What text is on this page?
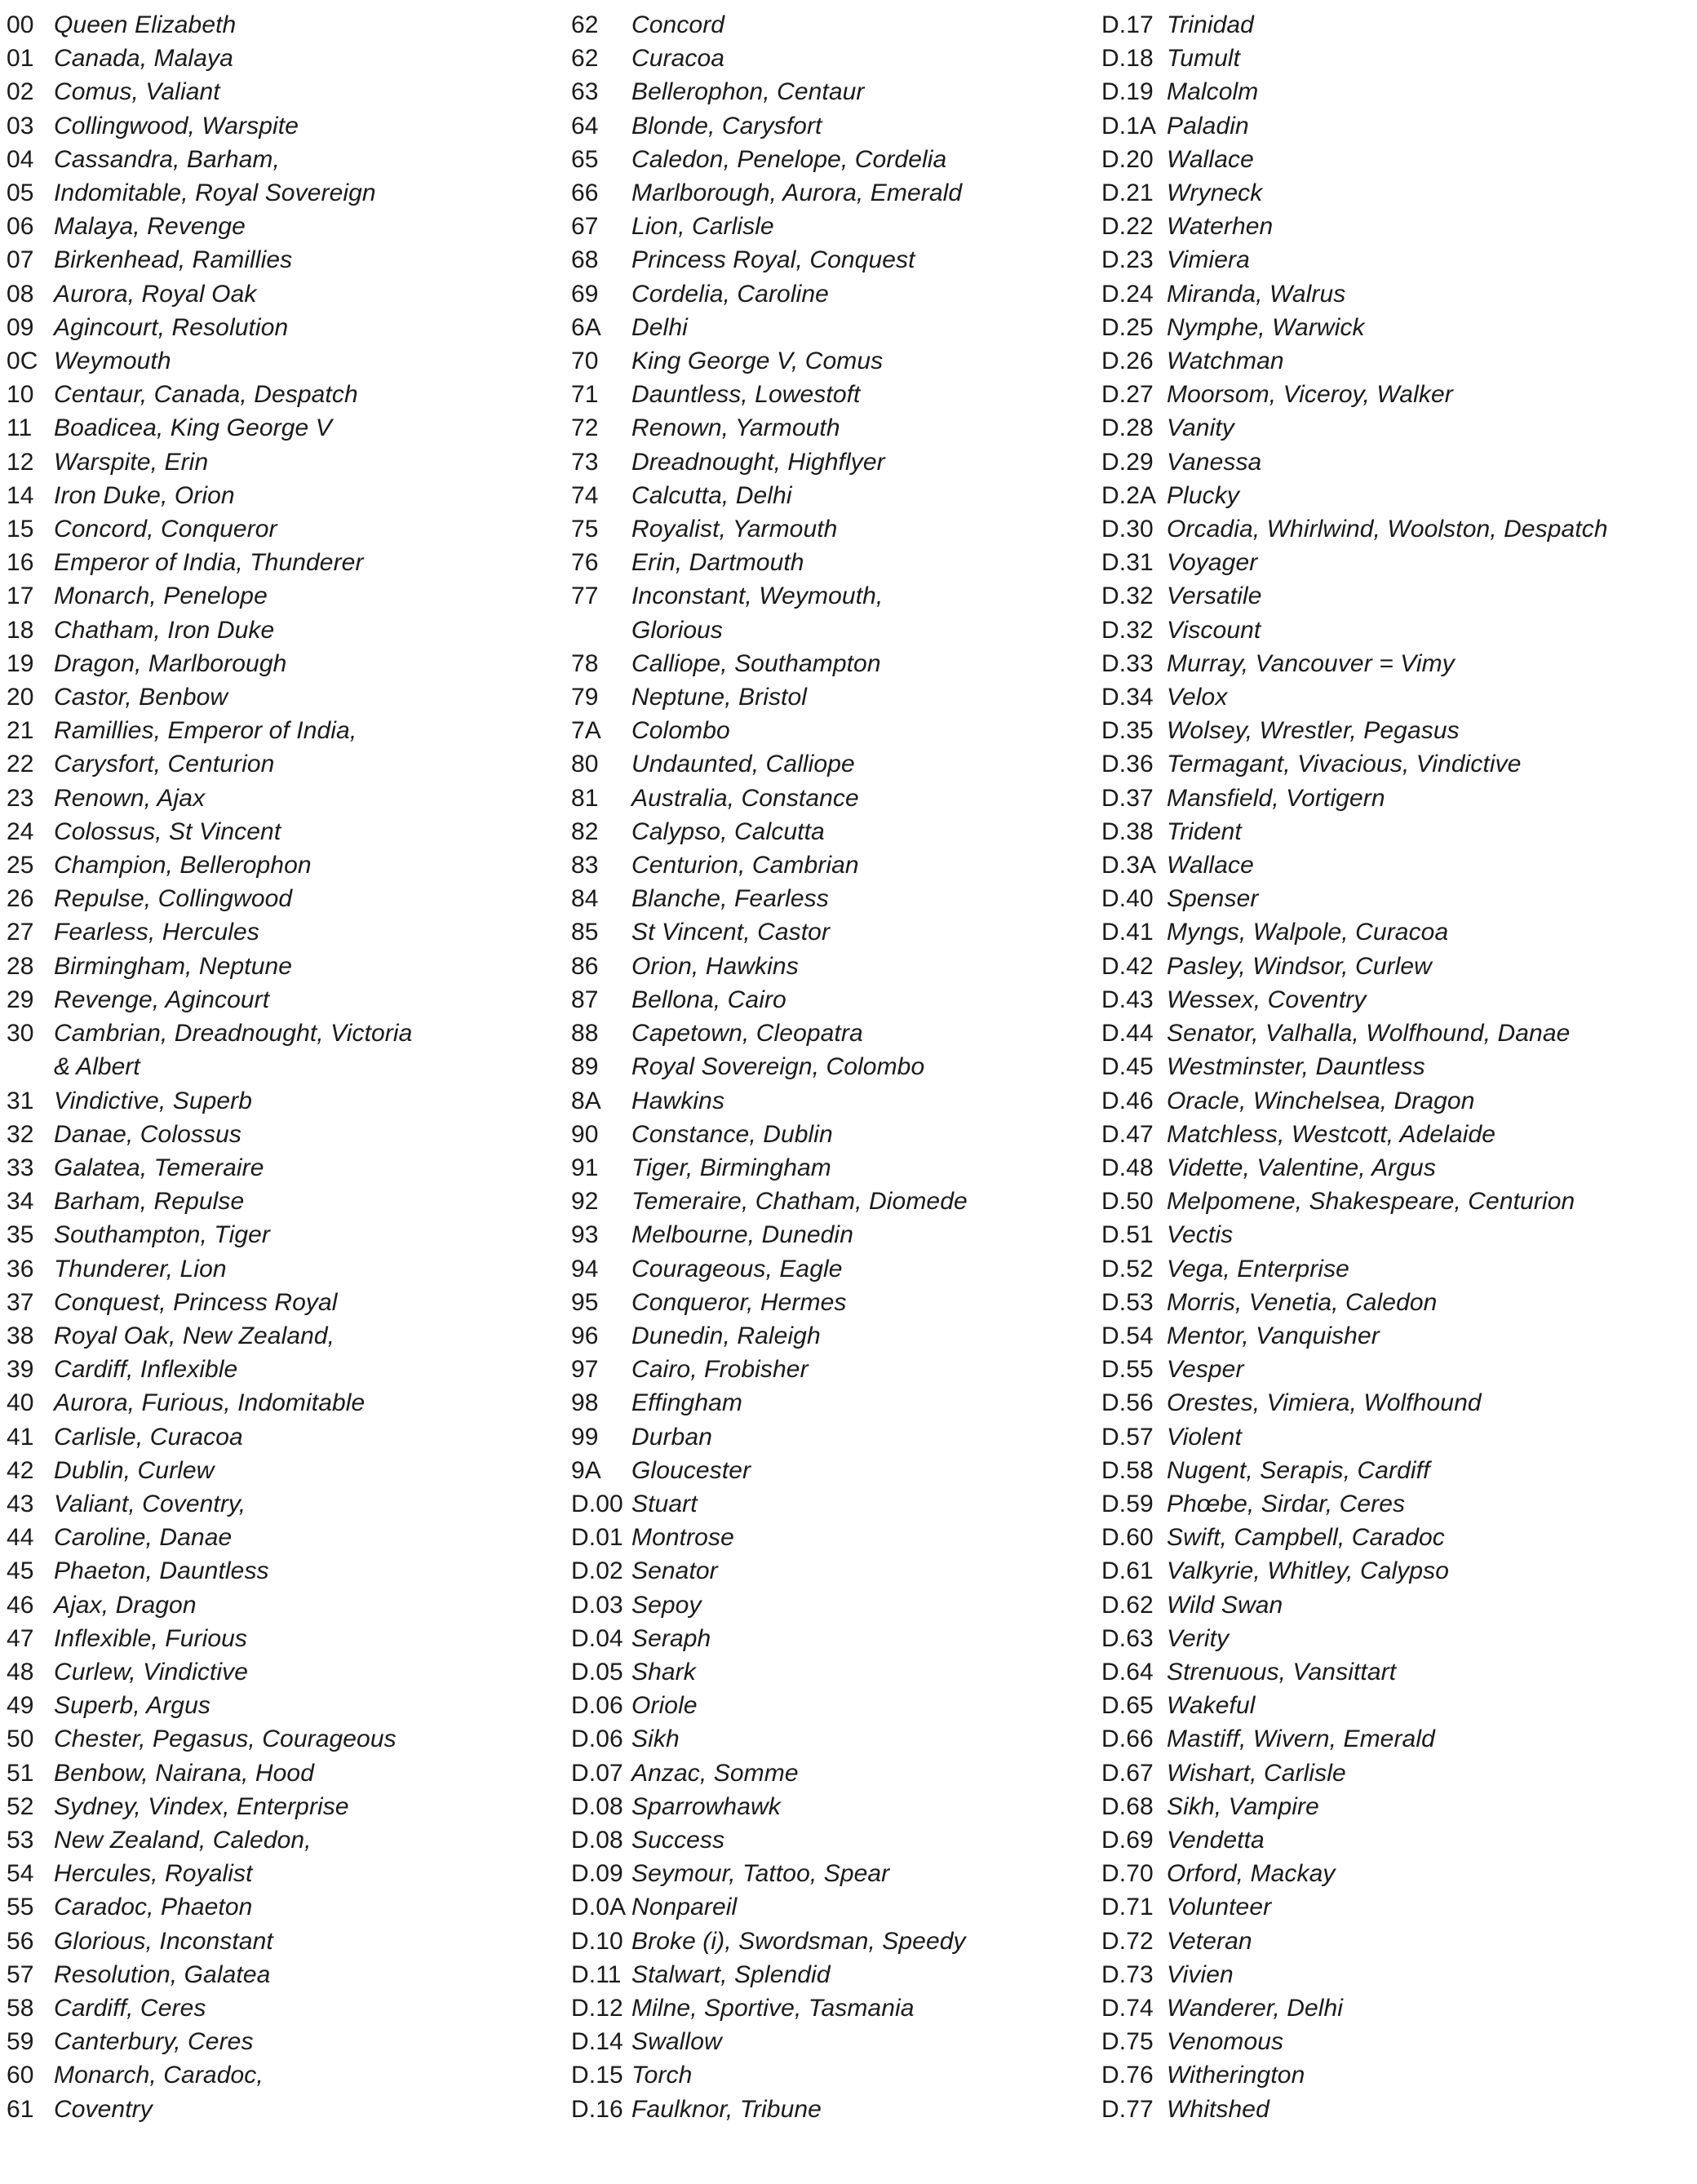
00 Queen Elizabeth
01 Canada, Malaya
02 Comus, Valiant
03 Collingwood, Warspite
04 Cassandra, Barham,
05 Indomitable, Royal Sovereign
06 Malaya, Revenge
07 Birkenhead, Ramillies
08 Aurora, Royal Oak
09 Agincourt, Resolution
0C Weymouth
10 Centaur, Canada, Despatch
11 Boadicea, King George V
12 Warspite, Erin
14 Iron Duke, Orion
15 Concord, Conqueror
16 Emperor of India, Thunderer
17 Monarch, Penelope
18 Chatham, Iron Duke
19 Dragon, Marlborough
20 Castor, Benbow
21 Ramillies, Emperor of India,
22 Carysfort, Centurion
23 Renown, Ajax
24 Colossus, St Vincent
25 Champion, Bellerophon
26 Repulse, Collingwood
27 Fearless, Hercules
28 Birmingham, Neptune
29 Revenge, Agincourt
30 Cambrian, Dreadnought, Victoria
& Albert
31 Vindictive, Superb
32 Danae, Colossus
33 Galatea, Temeraire
34 Barham, Repulse
35 Southampton, Tiger
36 Thunderer, Lion
37 Conquest, Princess Royal
38 Royal Oak, New Zealand,
39 Cardiff, Inflexible
40 Aurora, Furious, Indomitable
41 Carlisle, Curacoa
42 Dublin, Curlew
43 Valiant, Coventry,
44 Caroline, Danae
45 Phaeton, Dauntless
46 Ajax, Dragon
47 Inflexible, Furious
48 Curlew, Vindictive
49 Superb, Argus
50 Chester, Pegasus, Courageous
51 Benbow, Nairana, Hood
52 Sydney, Vindex, Enterprise
53 New Zealand, Caledon,
54 Hercules, Royalist
55 Caradoc, Phaeton
56 Glorious, Inconstant
57 Resolution, Galatea
58 Cardiff, Ceres
59 Canterbury, Ceres
60 Monarch, Caradoc,
61 Coventry
62	Concord
62	Curacoa
63	Bellerophon, Centaur
64	Blonde, Carysfort
65	Caledon, Penelope, Cordelia
66	Marlborough, Aurora, Emerald
67	Lion, Carlisle
68	Princess Royal, Conquest
69	Cordelia, Caroline
6A	Delhi
70	King George V, Comus
71	Dauntless, Lowestoft
72	Renown, Yarmouth
73	Dreadnought, Highflyer
74	Calcutta, Delhi
75	Royalist, Yarmouth
76	Erin, Dartmouth
77	Inconstant, Weymouth,
Glorious
78	Calliope, Southampton
79	Neptune, Bristol
7A	Colombo
80	Undaunted, Calliope
81	Australia, Constance
82	Calypso, Calcutta
83	Centurion, Cambrian
84	Blanche, Fearless
85	St Vincent, Castor
86	Orion, Hawkins
87	Bellona, Cairo
88	Capetown, Cleopatra
89	Royal Sovereign, Colombo
8A	Hawkins
90	Constance, Dublin
91	Tiger, Birmingham
92	Temeraire, Chatham, Diomede
93	Melbourne, Dunedin
94	Courageous, Eagle
95	Conqueror, Hermes
96	Dunedin, Raleigh
97	Cairo, Frobisher
98	Effingham
99	Durban
9A	Gloucester
D.00 Stuart
D.01 Montrose
D.02 Senator
D.03 Sepoy
D.04 Seraph
D.05 Shark
D.06 Oriole
D.06 Sikh
D.07 Anzac, Somme
D.08 Sparrowhawk
D.08 Success
D.09 Seymour, Tattoo, Spear
D.0A Nonpareil
D.10 Broke (i), Swordsman, Speedy
D.11 Stalwart, Splendid
D.12 Milne, Sportive, Tasmania
D.14 Swallow
D.15 Torch
D.16 Faulknor, Tribune
D.17 Trinidad
D.18 Tumult
D.19 Malcolm
D.1A Paladin
D.20 Wallace
D.21 Wryneck
D.22 Waterhen
D.23 Vimiera
D.24 Miranda, Walrus
D.25 Nymphe, Warwick
D.26 Watchman
D.27 Moorsom, Viceroy, Walker
D.28 Vanity
D.29 Vanessa
D.2A Plucky
D.30 Orcadia, Whirlwind, Woolston, Despatch
D.31 Voyager
D.32 Versatile
D.32 Viscount
D.33 Murray, Vancouver = Vimy
D.34 Velox
D.35 Wolsey, Wrestler, Pegasus
D.36 Termagant, Vivacious, Vindictive
D.37 Mansfield, Vortigern
D.38 Trident
D.3A Wallace
D.40 Spenser
D.41 Myngs, Walpole, Curacoa
D.42 Pasley, Windsor, Curlew
D.43 Wessex, Coventry
D.44 Senator, Valhalla, Wolfhound, Danae
D.45 Westminster, Dauntless
D.46 Oracle, Winchelsea, Dragon
D.47 Matchless, Westcott, Adelaide
D.48 Vidette, Valentine, Argus
D.50 Melpomene, Shakespeare, Centurion
D.51 Vectis
D.52 Vega, Enterprise
D.53 Morris, Venetia, Caledon
D.54 Mentor, Vanquisher
D.55 Vesper
D.56 Orestes, Vimiera, Wolfhound
D.57 Violent
D.58 Nugent, Serapis, Cardiff
D.59 Phœbe, Sirdar, Ceres
D.60 Swift, Campbell, Caradoc
D.61 Valkyrie, Whitley, Calypso
D.62 Wild Swan
D.63 Verity
D.64 Strenuous, Vansittart
D.65 Wakeful
D.66 Mastiff, Wivern, Emerald
D.67 Wishart, Carlisle
D.68 Sikh, Vampire
D.69 Vendetta
D.70 Orford, Mackay
D.71 Volunteer
D.72 Veteran
D.73 Vivien
D.74 Wanderer, Delhi
D.75 Venomous
D.76 Witherington
D.77 Whitshed
